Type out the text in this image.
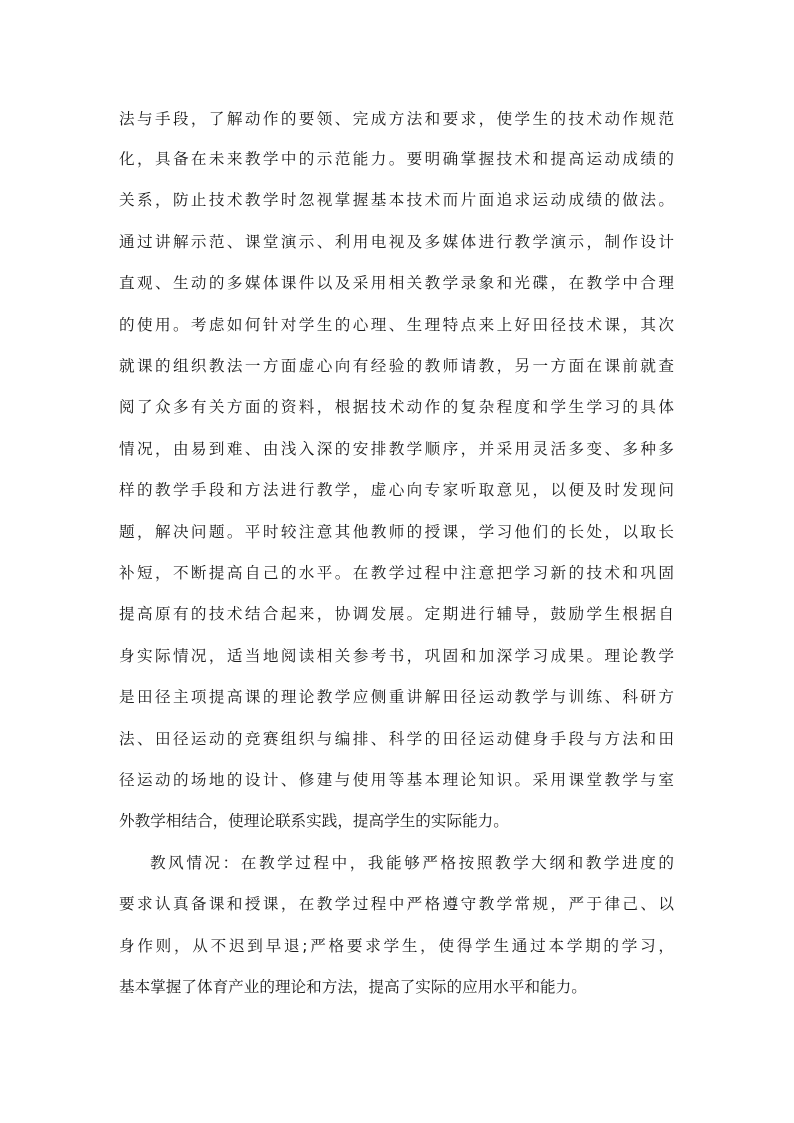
法与手段，了解动作的要领、完成方法和要求，使学生的技术动作规范
化，具备在未来教学中的示范能力。要明确掌握技术和提高运动成绩的
关系，防止技术教学时忽视掌握基本技术而片面追求运动成绩的做法。
通过讲解示范、课堂演示、利用电视及多媒体进行教学演示，制作设计
直观、生动的多媒体课件以及采用相关教学录象和光碟，在教学中合理
的使用。考虑如何针对学生的心理、生理特点来上好田径技术课，其次
就课的组织教法一方面虚心向有经验的教师请教，另一方面在课前就查
阅了众多有关方面的资料，根据技术动作的复杂程度和学生学习的具体
情况，由易到难、由浅入深的安排教学顺序，并采用灵活多变、多种多
样的教学手段和方法进行教学，虚心向专家听取意见，以便及时发现问
题，解决问题。平时较注意其他教师的授课，学习他们的长处，以取长
补短，不断提高自己的水平。在教学过程中注意把学习新的技术和巩固
提高原有的技术结合起来，协调发展。定期进行辅导，鼓励学生根据自
身实际情况，适当地阅读相关参考书，巩固和加深学习成果。理论教学
是田径主项提高课的理论教学应侧重讲解田径运动教学与训练、科研方
法、田径运动的竞赛组织与编排、科学的田径运动健身手段与方法和田
径运动的场地的设计、修建与使用等基本理论知识。采用课堂教学与室
外教学相结合，使理论联系实践，提高学生的实际能力。
教风情况：在教学过程中，我能够严格按照教学大纲和教学进度的
要求认真备课和授课，在教学过程中严格遵守教学常规，严于律己、以
身作则，从不迟到早退;严格要求学生，使得学生通过本学期的学习，
基本掌握了体育产业的理论和方法，提高了实际的应用水平和能力。
